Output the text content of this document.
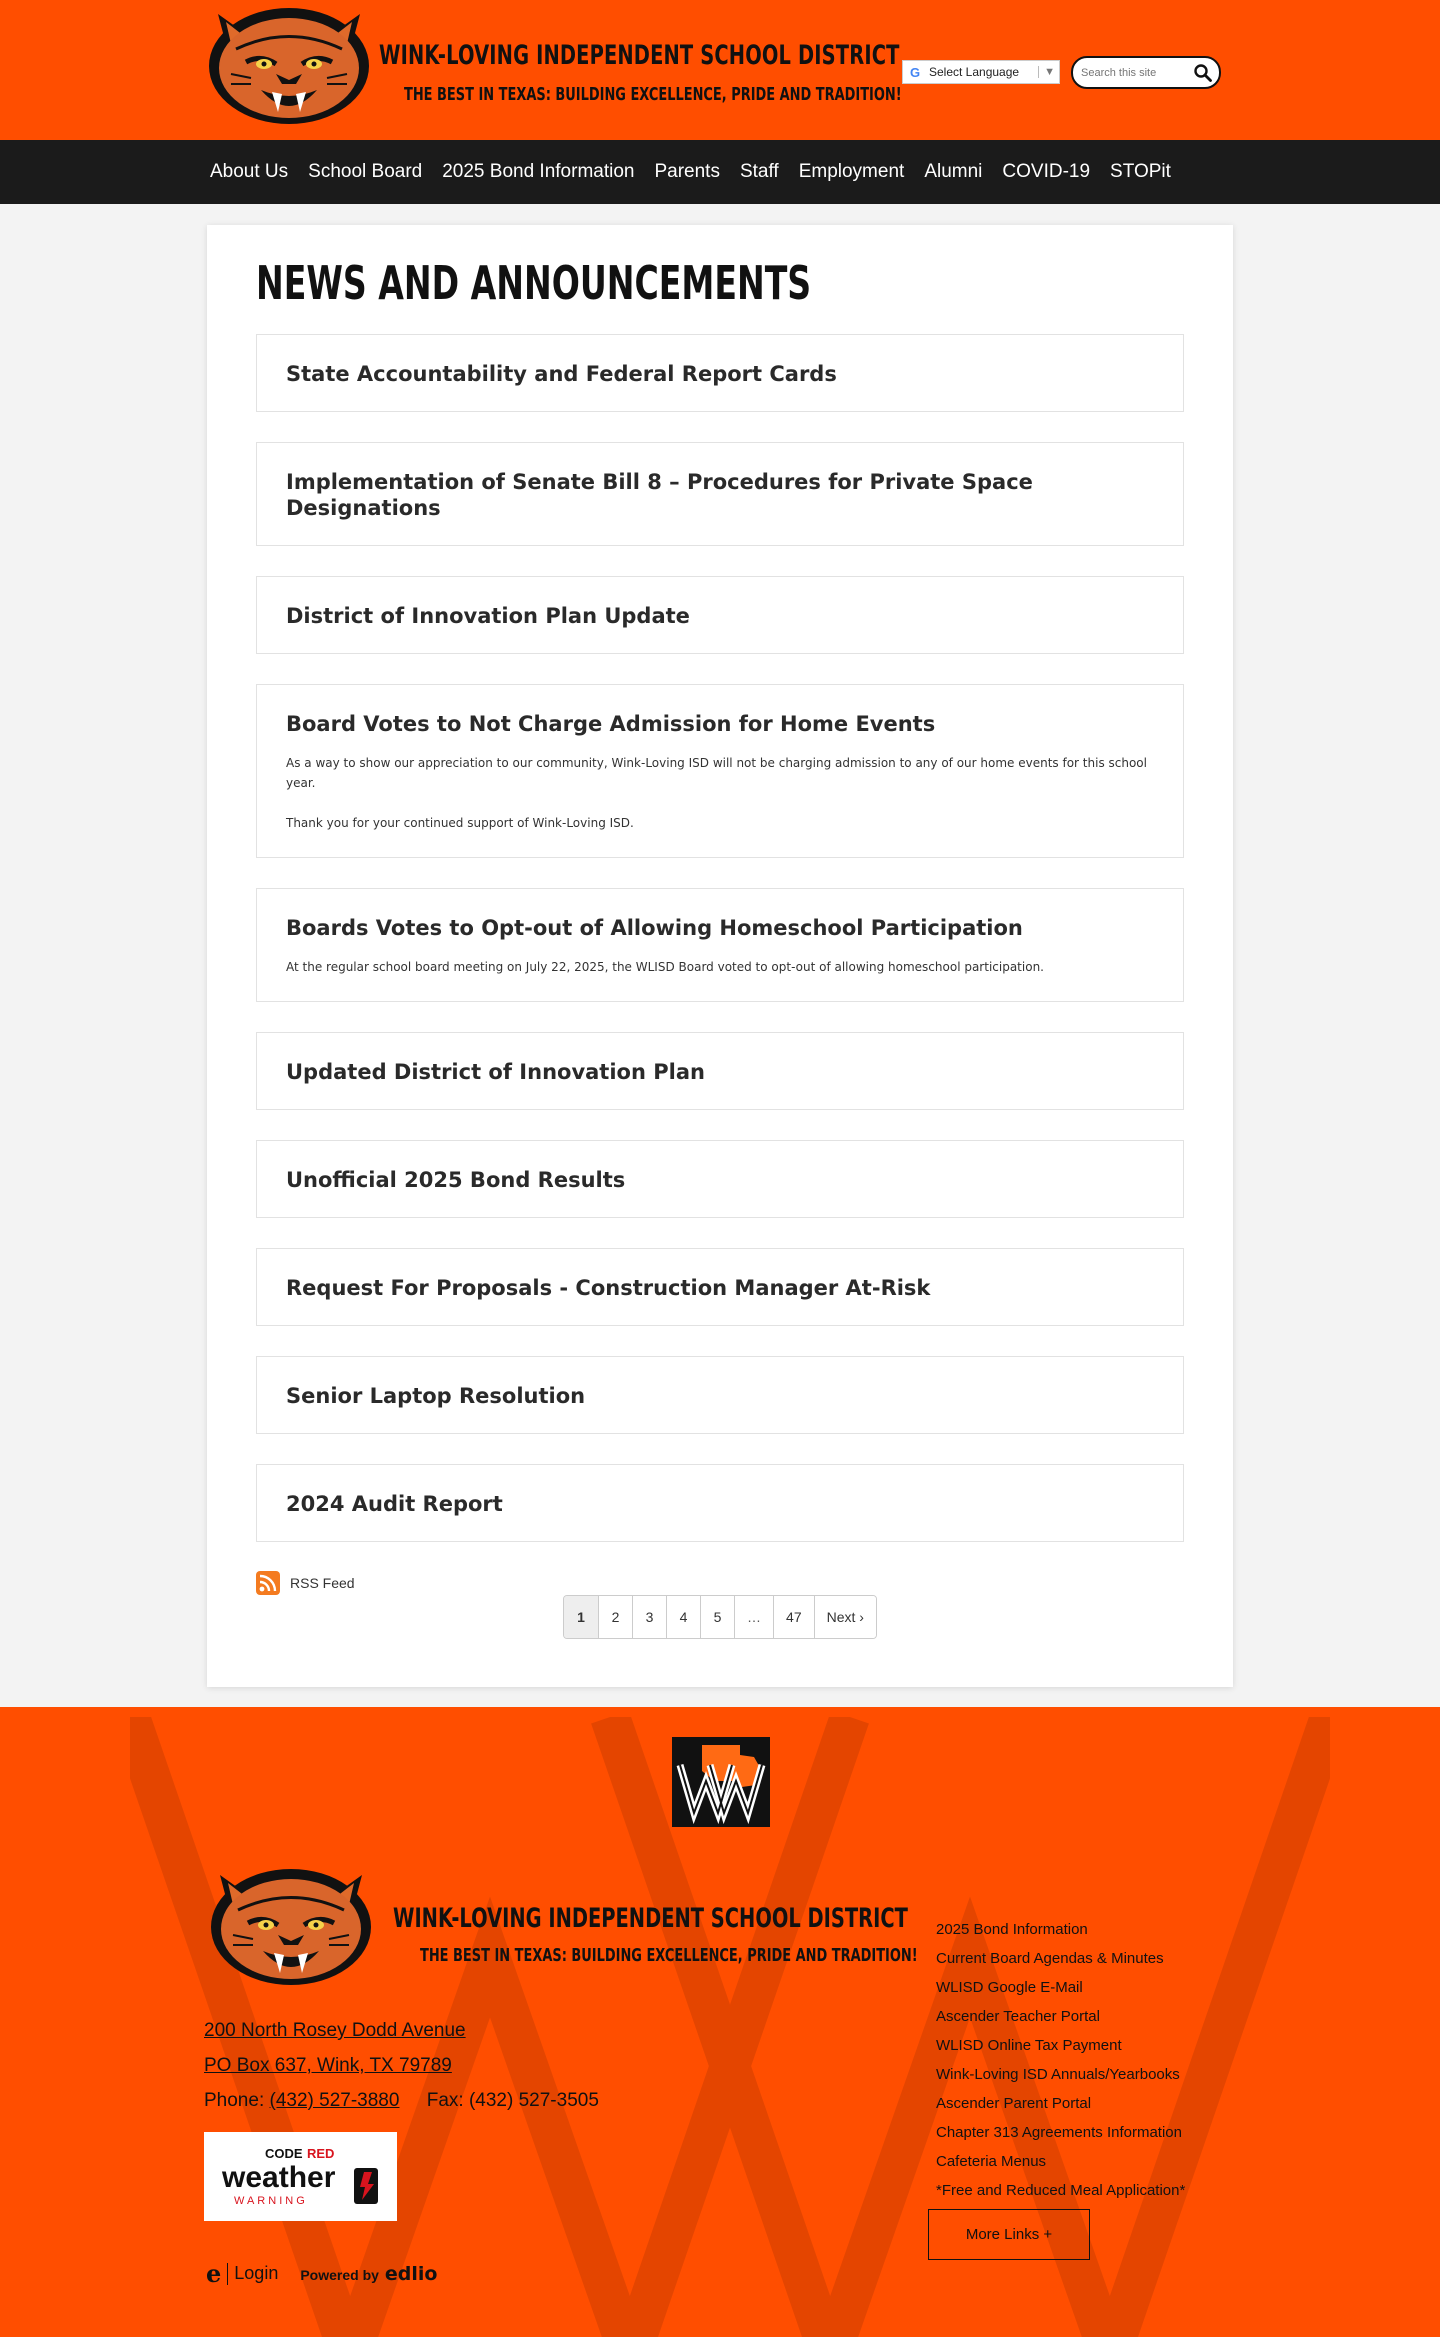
WINK-LOVING INDEPENDENT SCHOOL DISTRICT
THE BEST IN TEXAS: BUILDING EXCELLENCE, PRIDE AND TRADITION!
G Select Language	▼
Search this site
About Us	School Board	2025 Bond Information	Parents	Staff	Employment	Alumni	COVID-19	STOPit
NEWS AND ANNOUNCEMENTS
State Accountability and Federal Report Cards
Implementation of Senate Bill 8 – Procedures for Private Space Designations
District of Innovation Plan Update
Board Votes to Not Charge Admission for Home Events

As a way to show our appreciation to our community, Wink-Loving ISD will not be charging admission to any of our home events for this school year.

Thank you for your continued support of Wink-Loving ISD.

Boards Votes to Opt-out of Allowing Homeschool Participation

At the regular school board meeting on July 22, 2025, the WLISD Board voted to opt-out of allowing homeschool participation.

Updated District of Innovation Plan
Unofficial 2025 Bond Results
Request For Proposals - Construction Manager At-Risk
Senior Laptop Resolution
2024 Audit Report
RSS Feed
1	2	3	4	5	…	47	Next ›
WINK-LOVING INDEPENDENT SCHOOL DISTRICT
THE BEST IN TEXAS: BUILDING EXCELLENCE, PRIDE AND TRADITION!
200 North Rosey Dodd Avenue
PO Box 637, Wink, TX 79789
Phone: (432) 527-3880 Fax: (432) 527-3505
CODE RED
weather
WARNING
e Login Powered by edlio
2025 Bond Information
Current Board Agendas & Minutes
WLISD Google E-Mail
Ascender Teacher Portal
WLISD Online Tax Payment
Wink-Loving ISD Annuals/Yearbooks
Ascender Parent Portal
Chapter 313 Agreements Information
Cafeteria Menus
*Free and Reduced Meal Application*
More Links +
